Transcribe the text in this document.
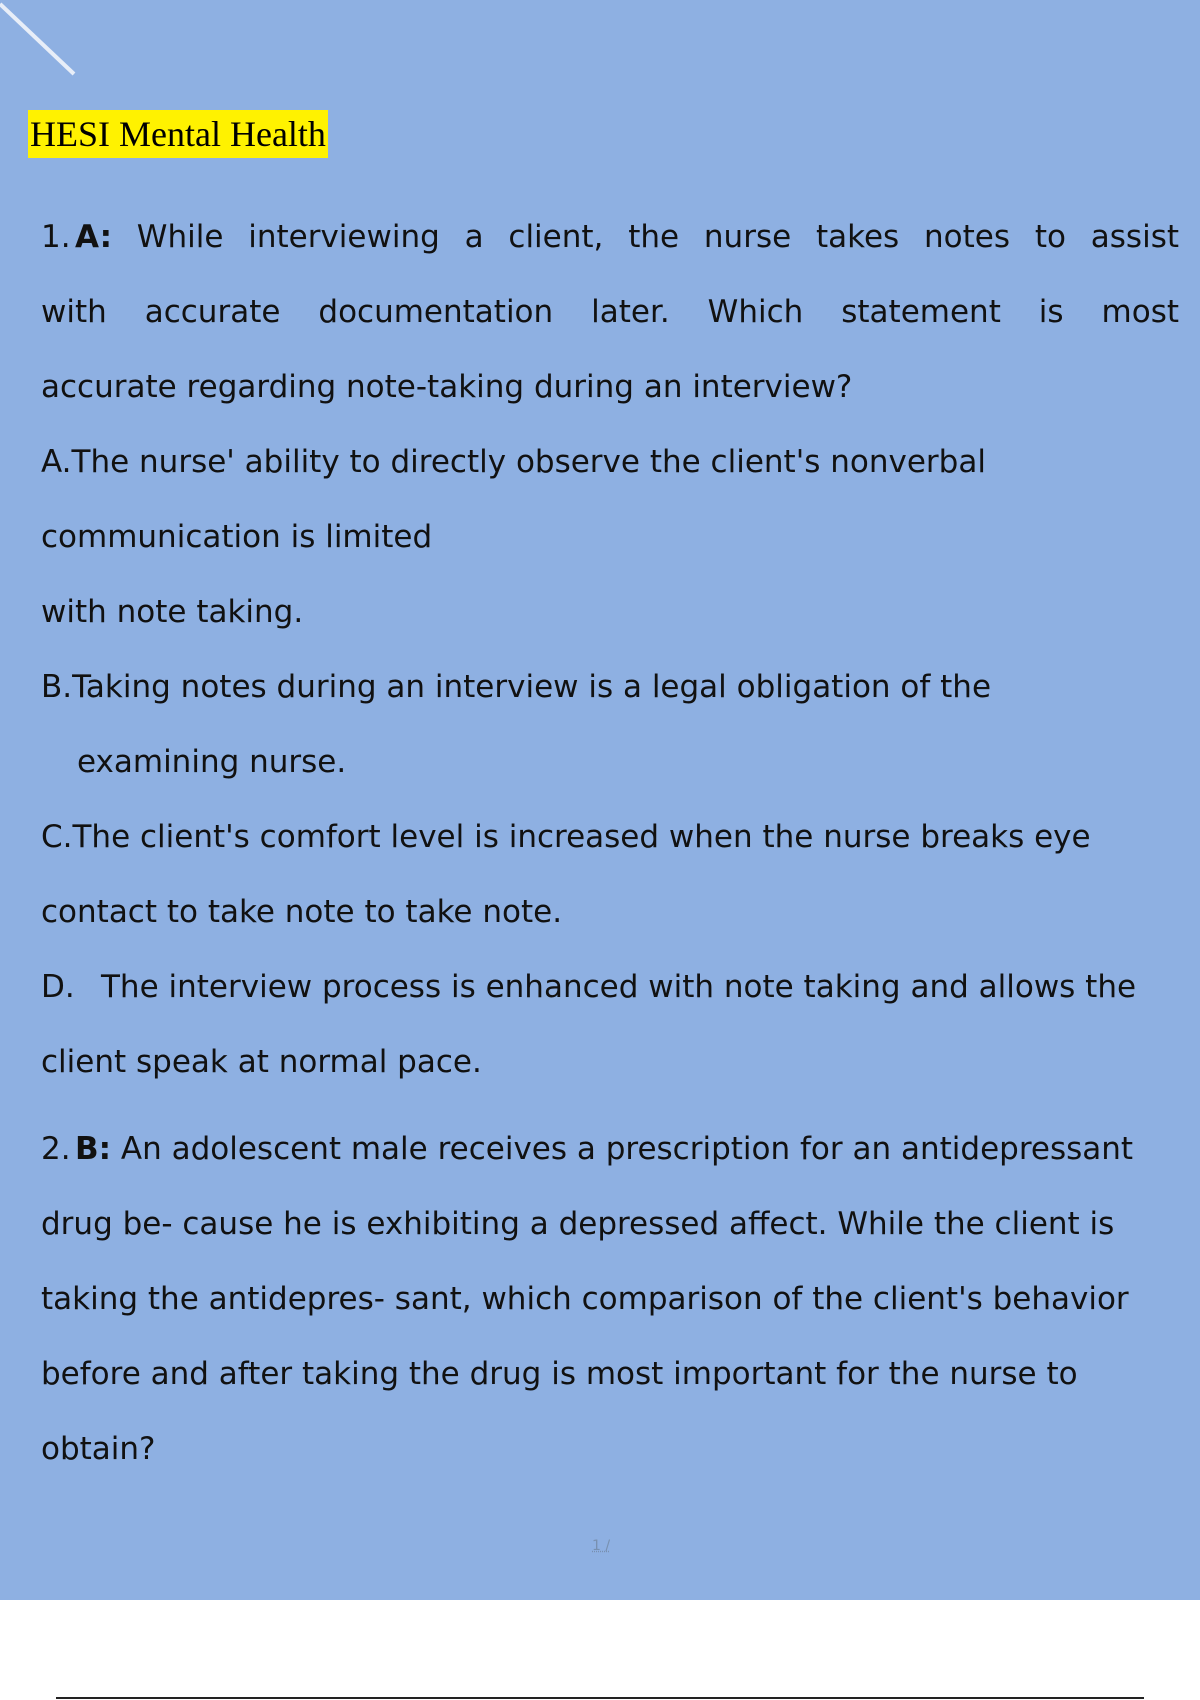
HESI Mental Health

1. A: While interviewing a client, the nurse takes notes to assist

with accurate documentation later. Which statement is most

accurate regarding note-taking during an interview?

A.The nurse' ability to directly observe the client's nonverbal

communication is limited

with note taking.

B.Taking notes during an interview is a legal obligation of the

examining nurse.

C.The client's comfort level is increased when the nurse breaks eye

contact to take note to take note.

D. The interview process is enhanced with note taking and allows the

client speak at normal pace.

2. B: An adolescent male receives a prescription for an antidepressant

drug be- cause he is exhibiting a depressed affect. While the client is

taking the antidepres- sant, which comparison of the client's behavior

before and after taking the drug is most important for the nurse to

obtain?

1 /
